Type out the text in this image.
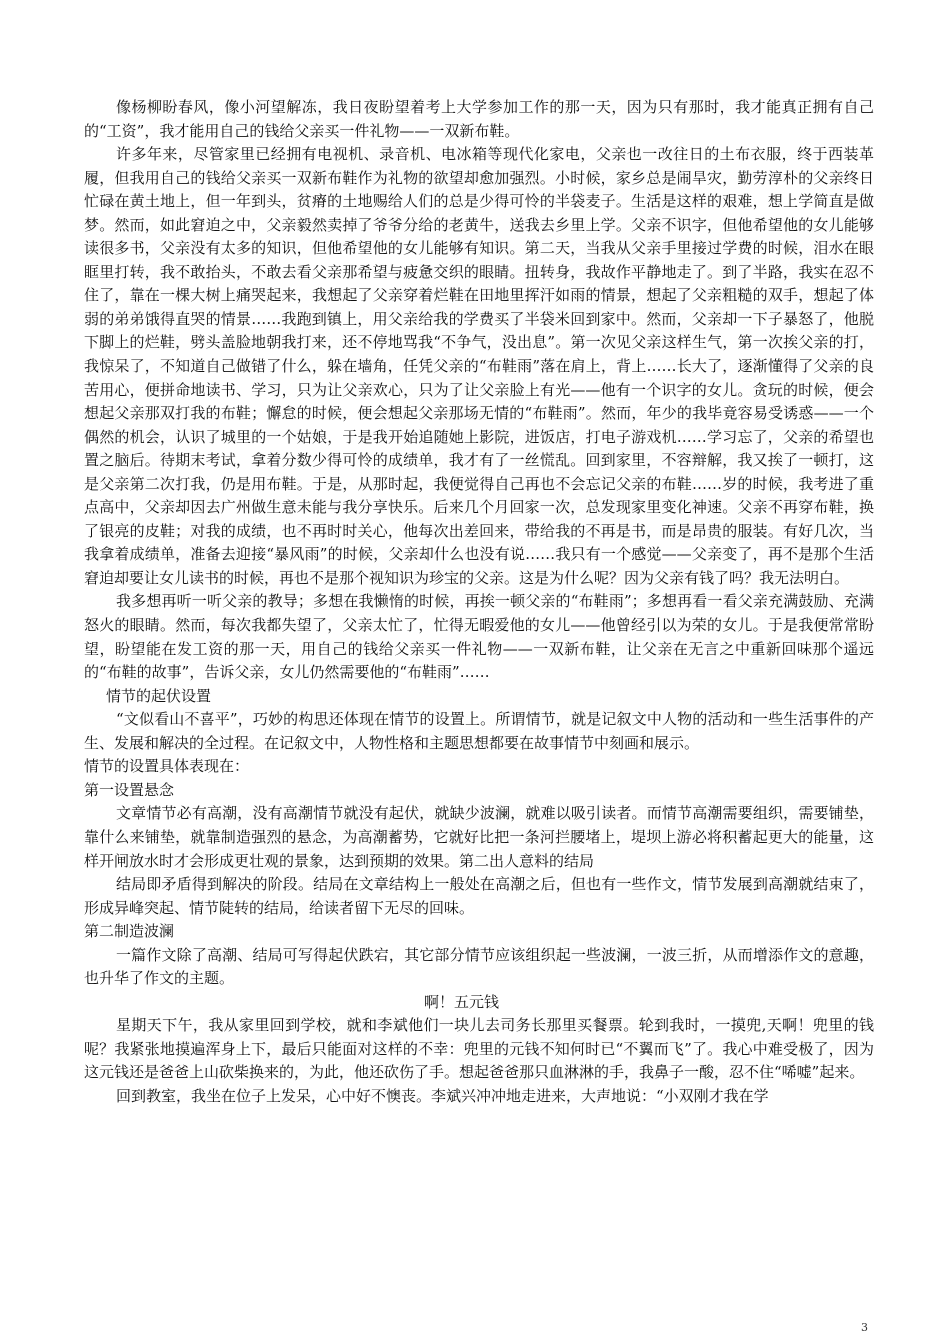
像杨柳盼春风，像小河望解冻，我日夜盼望着考上大学参加工作的那一天，因为只有那时，我才能真正拥有自己的“工资”，我才能用自己的钱给父亲买一件礼物——一双新布鞋。

许多年来，尽管家里已经拥有电视机、录音机、电冰箱等现代化家电，父亲也一改往日的土布衣服，终于西装革履，但我用自己的钱给父亲买一双新布鞋作为礼物的欲望却愈加强烈。小时候，家乡总是闹旱灾，勤劳淳朴的父亲终日忙碌在黄土地上，但一年到头，贫瘠的土地赐给人们的总是少得可怜的半袋麦子。生活是这样的艰难，想上学简直是做梦。然而，如此窘迫之中，父亲毅然卖掉了爷爷分给的老黄牛，送我去乡里上学。父亲不识字，但他希望他的女儿能够读很多书，父亲没有太多的知识，但他希望他的女儿能够有知识。第二天，当我从父亲手里接过学费的时候，泪水在眼眶里打转，我不敢抬头，不敢去看父亲那希望与疲惫交织的眼睛。扭转身，我故作平静地走了。到了半路，我实在忍不住了，靠在一棵大树上痛哭起来，我想起了父亲穿着烂鞋在田地里挥汗如雨的情景，想起了父亲粗糙的双手，想起了体弱的弟弟饿得直哭的情景……我跑到镇上，用父亲给我的学费买了半袋米回到家中。然而，父亲却一下子暴怒了，他脱下脚上的烂鞋，劈头盖脸地朝我打来，还不停地骂我“不争气，没出息”。第一次见父亲这样生气，第一次挨父亲的打，我惊呆了，不知道自己做错了什么，躲在墙角，任凭父亲的“布鞋雨”落在肩上，背上……长大了，逐渐懂得了父亲的良苦用心，便拼命地读书、学习，只为让父亲欢心，只为了让父亲脸上有光——他有一个识字的女儿。贪玩的时候，便会想起父亲那双打我的布鞋；懈怠的时候，便会想起父亲那场无情的“布鞋雨”。然而，年少的我毕竟容易受诱惑——一个偶然的机会，认识了城里的一个姑娘，于是我开始追随她上影院，进饭店，打电子游戏机……学习忘了，父亲的希望也置之脑后。待期末考试，拿着分数少得可怜的成绩单，我才有了一丝慌乱。回到家里，不容辩解，我又挨了一顿打，这是父亲第二次打我，仍是用布鞋。于是，从那时起，我便觉得自己再也不会忘记父亲的布鞋……岁的时候，我考进了重点高中，父亲却因去广州做生意未能与我分享快乐。后来几个月回家一次，总发现家里变化神速。父亲不再穿布鞋，换了银亮的皮鞋；对我的成绩，也不再时时关心，他每次出差回来，带给我的不再是书，而是昂贵的服装。有好几次，当我拿着成绩单，准备去迎接“暴风雨”的时候，父亲却什么也没有说……我只有一个感觉——父亲变了，再不是那个生活窘迫却要让女儿读书的时候，再也不是那个视知识为珍宝的父亲。这是为什么呢？因为父亲有钱了吗？我无法明白。

我多想再听一听父亲的教导；多想在我懒惰的时候，再挨一顿父亲的“布鞋雨”；多想再看一看父亲充满鼓励、充满怒火的眼睛。然而，每次我都失望了，父亲太忙了，忙得无暇爱他的女儿——他曾经引以为荣的女儿。于是我便常常盼望，盼望能在发工资的那一天，用自己的钱给父亲买一件礼物——一双新布鞋，让父亲在无言之中重新回味那个遥远的“布鞋的故事”，告诉父亲，女儿仍然需要他的“布鞋雨”……

情节的起伏设置

“文似看山不喜平”，巧妙的构思还体现在情节的设置上。所谓情节，就是记叙文中人物的活动和一些生活事件的产生、发展和解决的全过程。在记叙文中，人物性格和主题思想都要在故事情节中刻画和展示。

情节的设置具体表现在：

第一设置悬念

文章情节必有高潮，没有高潮情节就没有起伏，就缺少波澜，就难以吸引读者。而情节高潮需要组织，需要铺垫，靠什么来铺垫，就靠制造强烈的悬念，为高潮蓄势，它就好比把一条河拦腰堵上，堤坝上游必将积蓄起更大的能量，这样开闸放水时才会形成更壮观的景象，达到预期的效果。第二出人意料的结局

结局即矛盾得到解决的阶段。结局在文章结构上一般处在高潮之后，但也有一些作文，情节发展到高潮就结束了，形成异峰突起、情节陡转的结局，给读者留下无尽的回味。

第二制造波澜

一篇作文除了高潮、结局可写得起伏跌宕，其它部分情节应该组织起一些波澜，一波三折，从而增添作文的意趣，也升华了作文的主题。

啊！五元钱

星期天下午，我从家里回到学校，就和李斌他们一块儿去司务长那里买餐票。轮到我时，一摸兜,天啊！兜里的钱呢？我紧张地摸遍浑身上下，最后只能面对这样的不幸：兜里的元钱不知何时已“不翼而飞”了。我心中难受极了，因为这元钱还是爸爸上山砍柴换来的，为此，他还砍伤了手。想起爸爸那只血淋淋的手，我鼻子一酸，忍不住“唏嘘”起来。

回到教室，我坐在位子上发呆，心中好不懊丧。李斌兴冲冲地走进来，大声地说：“小双刚才我在学

3
